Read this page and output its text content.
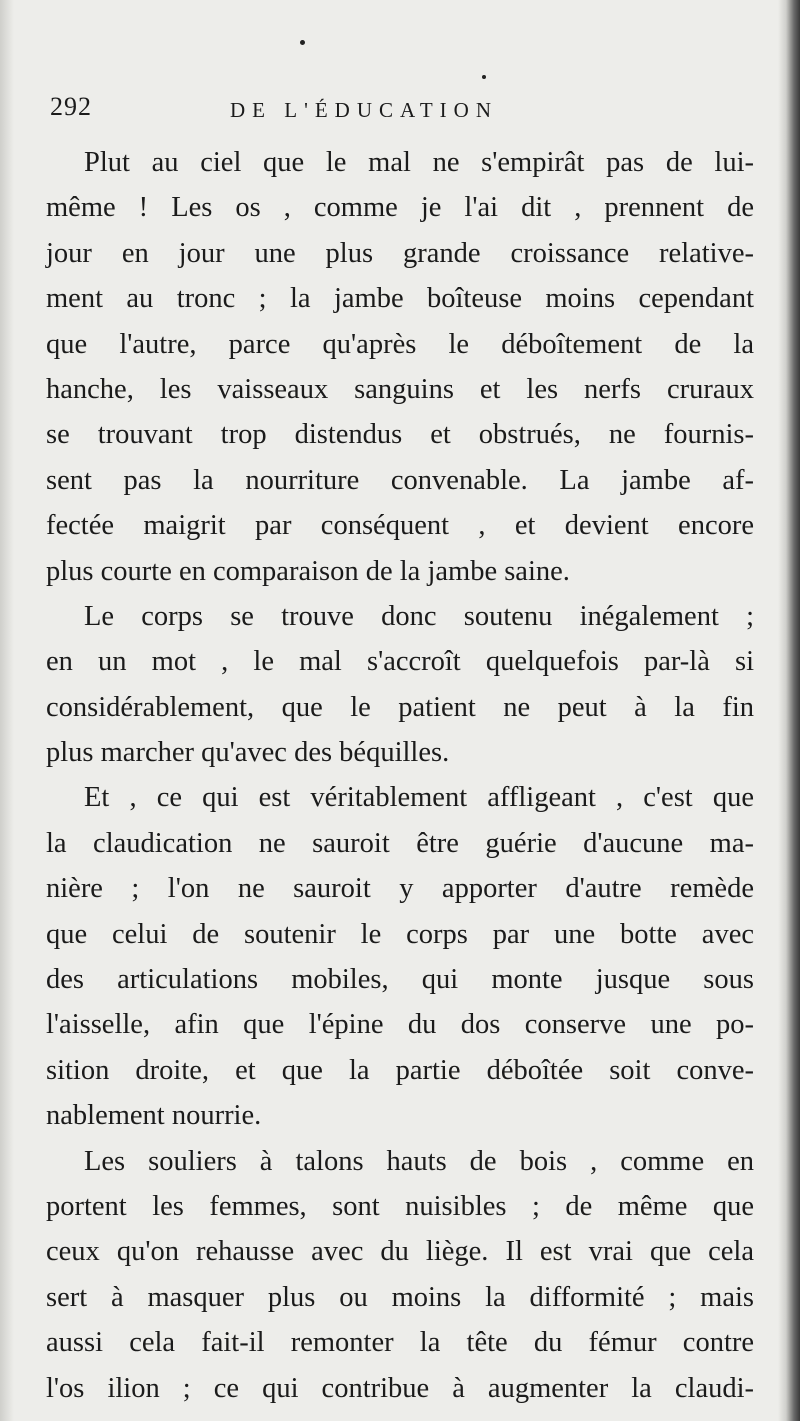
292	DE L'ÉDUCATION
Plut au ciel que le mal ne s'empirât pas de lui-
même ! Les os , comme je l'ai dit , prennent de
jour en jour une plus grande croissance relative-
ment au tronc ; la jambe boîteuse moins cependant
que l'autre, parce qu'après le déboîtement de la
hanche, les vaisseaux sanguins et les nerfs cruraux
se trouvant trop distendus et obstrués, ne fournis-
sent pas la nourriture convenable. La jambe af-
fectée maigrit par conséquent , et devient encore
plus courte en comparaison de la jambe saine.
Le corps se trouve donc soutenu inégalement ;
en un mot , le mal s'accroît quelquefois par-là si
considérablement, que le patient ne peut à la fin
plus marcher qu'avec des béquilles.
Et , ce qui est véritablement affligeant , c'est que
la claudication ne sauroit être guérie d'aucune ma-
nière ; l'on ne sauroit y apporter d'autre remède
que celui de soutenir le corps par une botte avec
des articulations mobiles, qui monte jusque sous
l'aisselle, afin que l'épine du dos conserve une po-
sition droite, et que la partie déboîtée soit conve-
nablement nourrie.
Les souliers à talons hauts de bois , comme en
portent les femmes, sont nuisibles ; de même que
ceux qu'on rehausse avec du liège. Il est vrai que cela
sert à masquer plus ou moins la difformité ; mais
aussi cela fait-il remonter la tête du fémur contre
l'os ilion ; ce qui contribue à augmenter la claudi-
